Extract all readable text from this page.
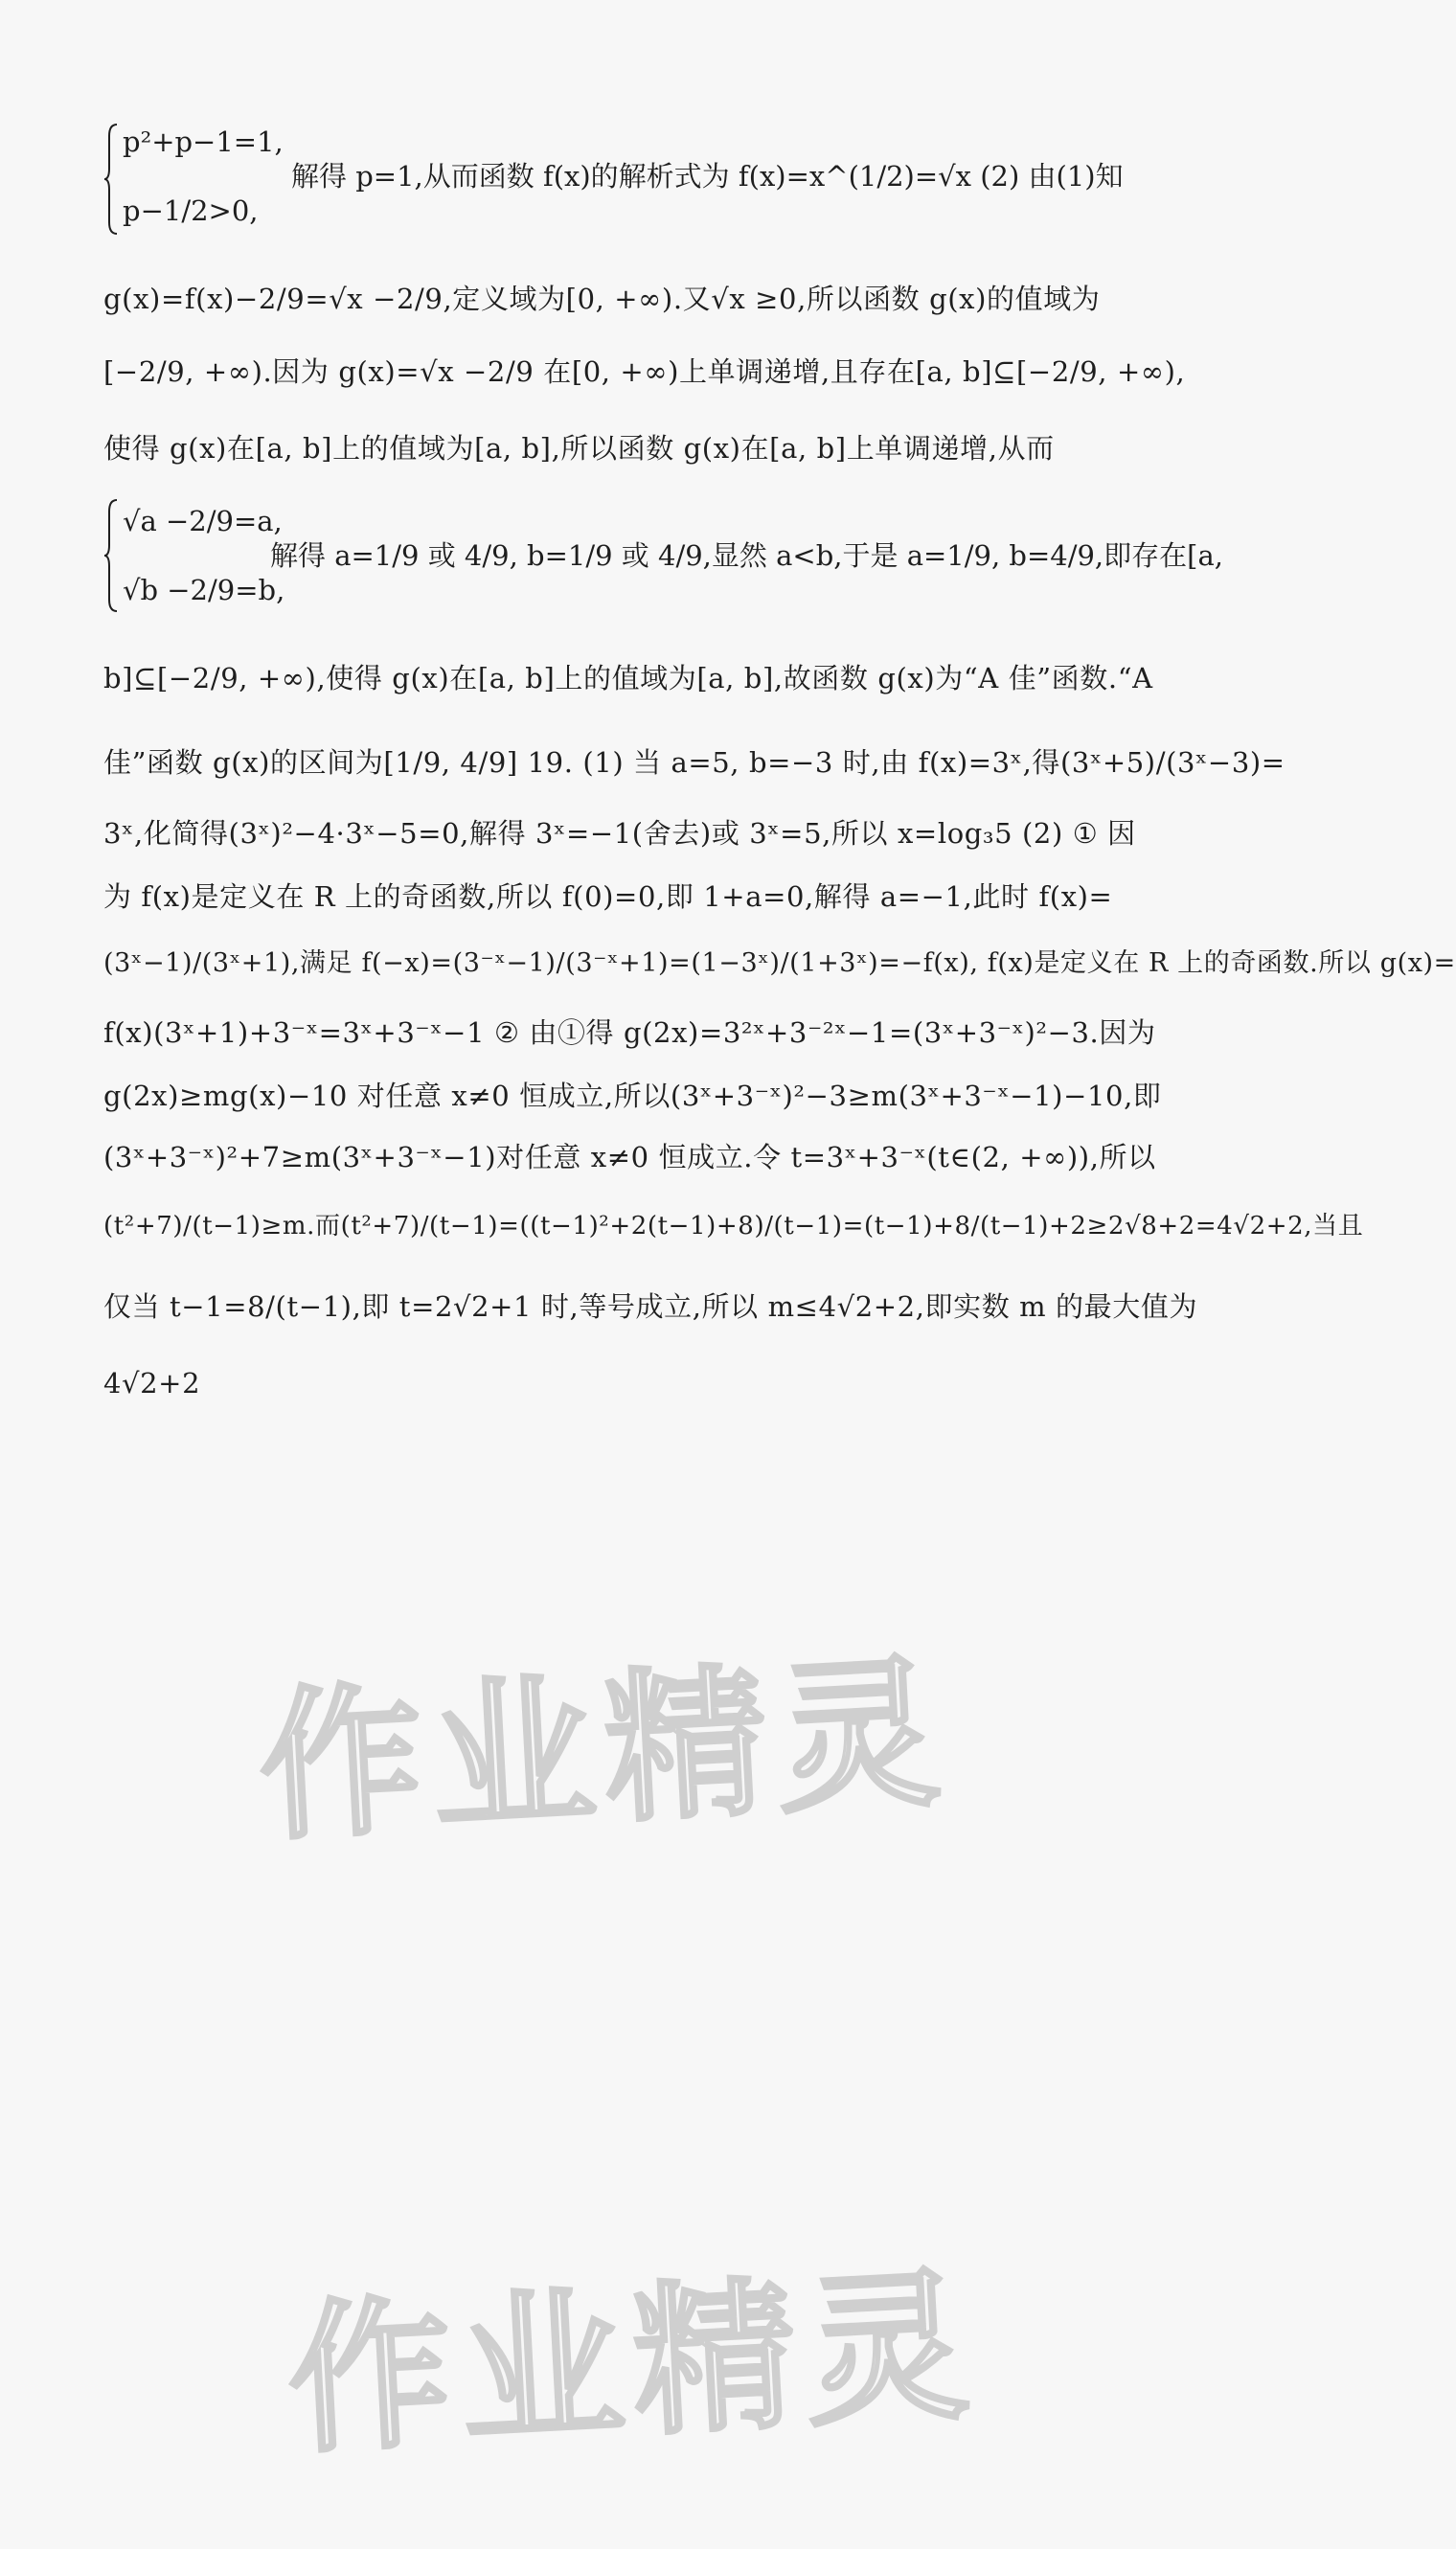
p²+p−1=1,
p−1/2>0,
解得 p=1,从而函数 f(x)的解析式为 f(x)=x^(1/2)=√x (2) 由(1)知
g(x)=f(x)−2/9=√x −2/9,定义域为[0, +∞).又√x ≥0,所以函数 g(x)的值域为
[−2/9, +∞).因为 g(x)=√x −2/9 在[0, +∞)上单调递增,且存在[a, b]⊆[−2/9, +∞),
使得 g(x)在[a, b]上的值域为[a, b],所以函数 g(x)在[a, b]上单调递增,从而
√a −2/9=a,
√b −2/9=b,
解得 a=1/9 或 4/9, b=1/9 或 4/9,显然 a<b,于是 a=1/9, b=4/9,即存在[a,
b]⊆[−2/9, +∞),使得 g(x)在[a, b]上的值域为[a, b],故函数 g(x)为“A 佳”函数.“A
佳”函数 g(x)的区间为[1/9, 4/9] 19. (1) 当 a=5, b=−3 时,由 f(x)=3ˣ,得(3ˣ+5)/(3ˣ−3)=
3ˣ,化简得(3ˣ)²−4·3ˣ−5=0,解得 3ˣ=−1(舍去)或 3ˣ=5,所以 x=log₃5 (2) ① 因
为 f(x)是定义在 R 上的奇函数,所以 f(0)=0,即 1+a=0,解得 a=−1,此时 f(x)=
(3ˣ−1)/(3ˣ+1),满足 f(−x)=(3⁻ˣ−1)/(3⁻ˣ+1)=(1−3ˣ)/(1+3ˣ)=−f(x), f(x)是定义在 R 上的奇函数.所以 g(x)=
f(x)(3ˣ+1)+3⁻ˣ=3ˣ+3⁻ˣ−1 ② 由①得 g(2x)=3²ˣ+3⁻²ˣ−1=(3ˣ+3⁻ˣ)²−3.因为
g(2x)≥mg(x)−10 对任意 x≠0 恒成立,所以(3ˣ+3⁻ˣ)²−3≥m(3ˣ+3⁻ˣ−1)−10,即
(3ˣ+3⁻ˣ)²+7≥m(3ˣ+3⁻ˣ−1)对任意 x≠0 恒成立.令 t=3ˣ+3⁻ˣ(t∈(2, +∞)),所以
(t²+7)/(t−1)≥m.而(t²+7)/(t−1)=((t−1)²+2(t−1)+8)/(t−1)=(t−1)+8/(t−1)+2≥2√8+2=4√2+2,当且
仅当 t−1=8/(t−1),即 t=2√2+1 时,等号成立,所以 m≤4√2+2,即实数 m 的最大值为
4√2+2
作业精灵
作业精灵
